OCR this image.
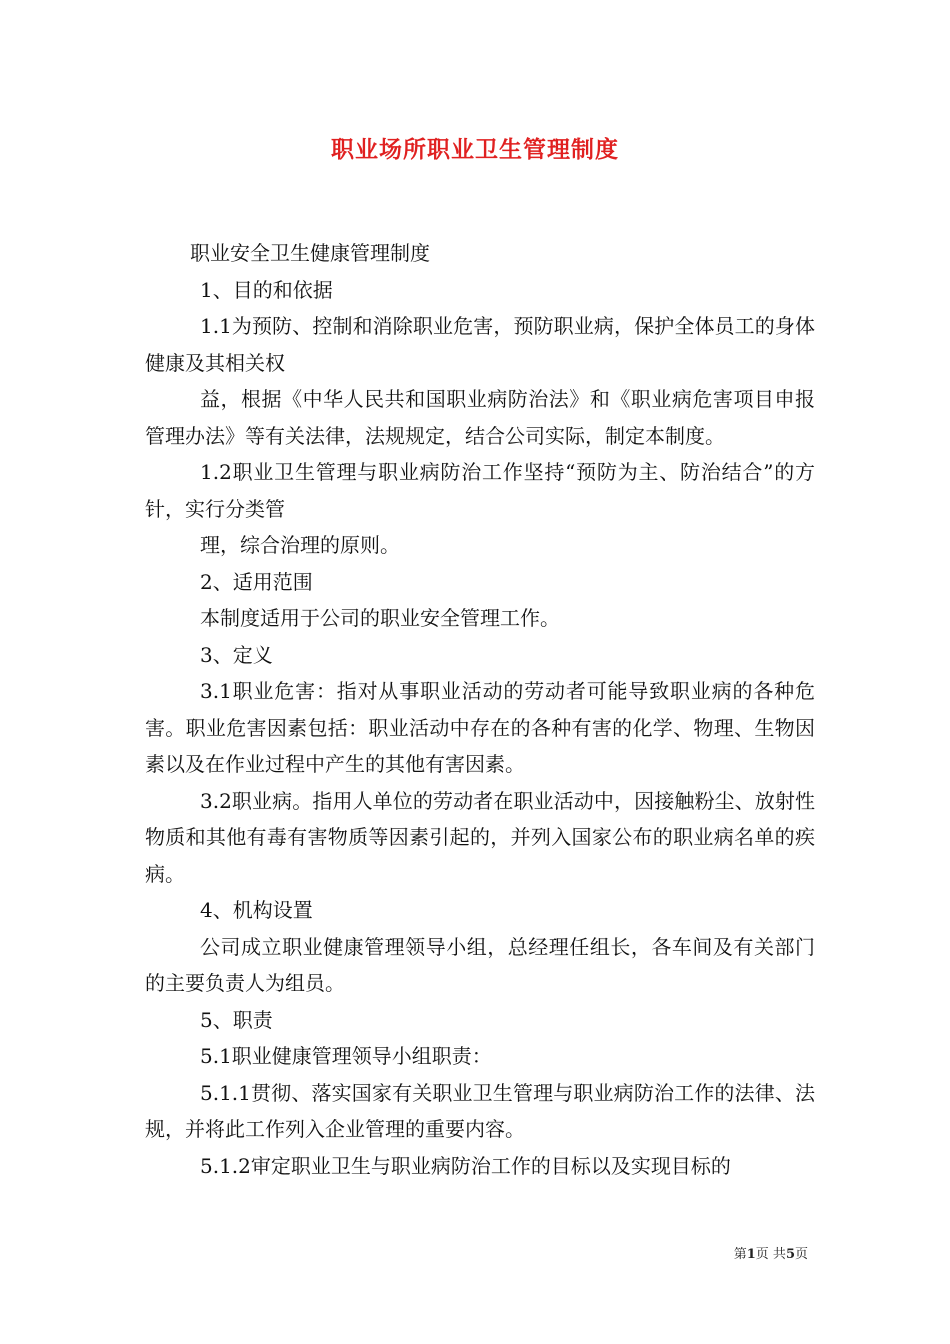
职业场所职业卫生管理制度

职业安全卫生健康管理制度

1、目的和依据

1.1为预防、控制和消除职业危害，预防职业病，保护全体员工的身体健康及其相关权

益，根据《中华人民共和国职业病防治法》和《职业病危害项目申报管理办法》等有关法律，法规规定，结合公司实际，制定本制度。

1.2职业卫生管理与职业病防治工作坚持“预防为主、防治结合”的方针，实行分类管

理，综合治理的原则。

2、适用范围

本制度适用于公司的职业安全管理工作。

3、定义

3.1职业危害：指对从事职业活动的劳动者可能导致职业病的各种危害。职业危害因素包括：职业活动中存在的各种有害的化学、物理、生物因素以及在作业过程中产生的其他有害因素。

3.2职业病。指用人单位的劳动者在职业活动中，因接触粉尘、放射性物质和其他有毒有害物质等因素引起的，并列入国家公布的职业病名单的疾病。

4、机构设置

公司成立职业健康管理领导小组，总经理任组长，各车间及有关部门的主要负责人为组员。

5、职责

5.1职业健康管理领导小组职责：

5.1.1贯彻、落实国家有关职业卫生管理与职业病防治工作的法律、法规，并将此工作列入企业管理的重要内容。

5.1.2审定职业卫生与职业病防治工作的目标以及实现目标的

第1页 共5页
